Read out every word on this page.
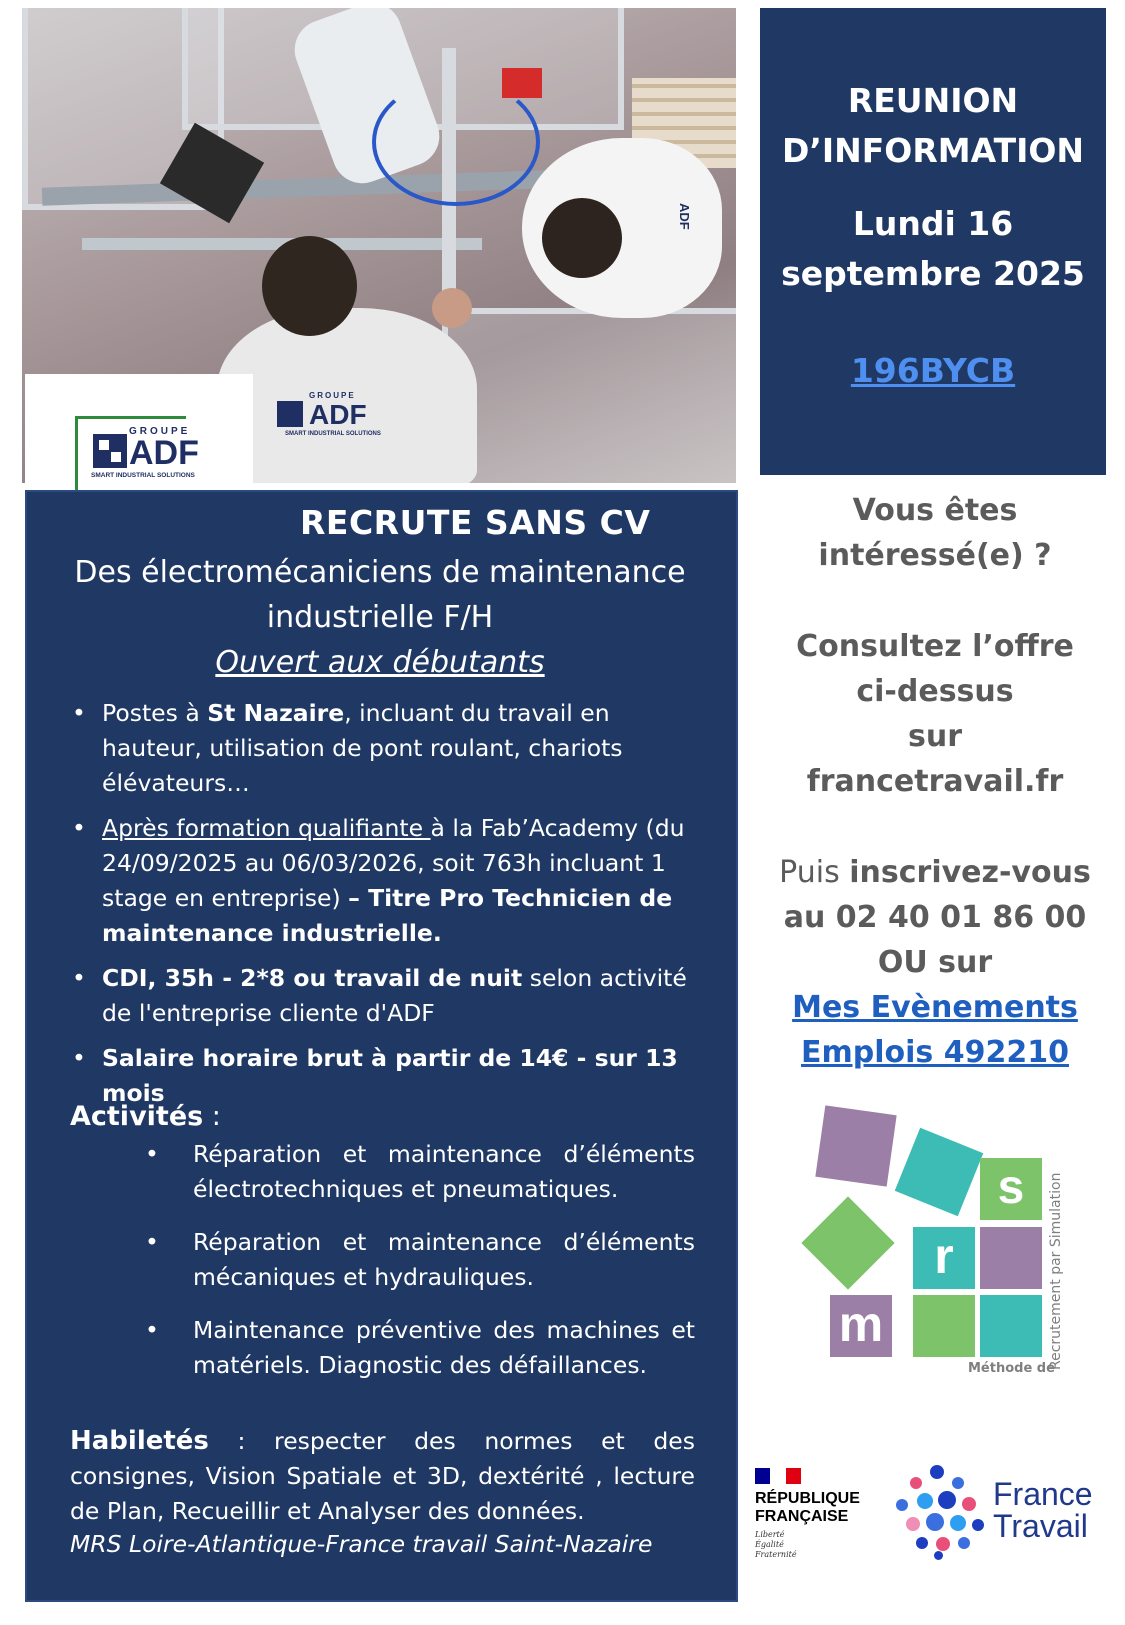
ADF
GROUPE
ADF
SMART INDUSTRIAL SOLUTIONS
GROUPE
ADF
SMART INDUSTRIAL SOLUTIONS
RECRUTE SANS CV
Des électromécaniciens de maintenance
industrielle F/H
Ouvert aux débutants
• Postes à St Nazaire, incluant du travail en hauteur, utilisation de pont roulant, chariots élévateurs…
• Après formation qualifiante à la Fab’Academy (du 24/09/2025 au 06/03/2026, soit 763h incluant 1 stage en entreprise) – Titre Pro Technicien de maintenance industrielle.
• CDI, 35h - 2*8 ou travail de nuit selon activité de l'entreprise cliente d'ADF
• Salaire horaire brut à partir de 14€ - sur 13 mois
Activités :
• Réparation et maintenance d’éléments électrotechniques et pneumatiques.
• Réparation et maintenance d’éléments mécaniques et hydrauliques.
• Maintenance préventive des machines et matériels. Diagnostic des défaillances.
Habiletés : respecter des normes et des consignes, Vision Spatiale et 3D, dextérité , lecture de Plan, Recueillir et Analyser des données.
MRS Loire-Atlantique-France travail Saint-Nazaire
REUNION
D’INFORMATION
Lundi 16
septembre 2025
196BYCB
Vous êtes
intéressé(e) ?
Consultez l’offre
ci-dessus
sur
francetravail.fr
Puis inscrivez-vous
au 02 40 01 86 00
OU sur
Mes Evènements
Emplois 492210
s
r
m	Recrutement par Simulation
Méthode de
RÉPUBLIQUE
FRANÇAISE
Liberté
Égalité
Fraternité
France
Travail
